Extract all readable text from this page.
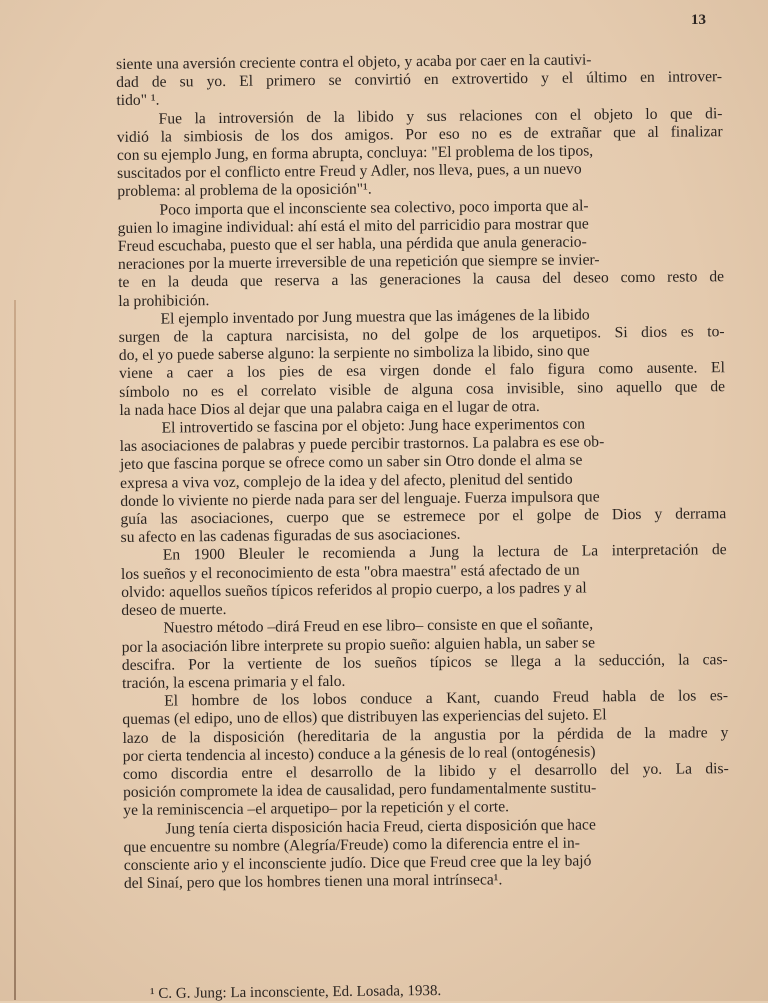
13

siente una aversión creciente contra el objeto, y acaba por caer en la cautivi-

dad de su yo. El primero se convirtió en extrovertido y el último en introver-

tido" ¹.

Fue la introversión de la libido y sus relaciones con el objeto lo que di-

vidió la simbiosis de los dos amigos. Por eso no es de extrañar que al finalizar

con su ejemplo Jung, en forma abrupta, concluya: "El problema de los tipos,

suscitados por el conflicto entre Freud y Adler, nos lleva, pues, a un nuevo

problema: al problema de la oposición"¹.

Poco importa que el inconsciente sea colectivo, poco importa que al-

guien lo imagine individual: ahí está el mito del parricidio para mostrar que

Freud escuchaba, puesto que el ser habla, una pérdida que anula generacio-

neraciones por la muerte irreversible de una repetición que siempre se invier-

te en la deuda que reserva a las generaciones la causa del deseo como resto de

la prohibición.

El ejemplo inventado por Jung muestra que las imágenes de la libido

surgen de la captura narcisista, no del golpe de los arquetipos. Si dios es to-

do, el yo puede saberse alguno: la serpiente no simboliza la libido, sino que

viene a caer a los pies de esa virgen donde el falo figura como ausente. El

símbolo no es el correlato visible de alguna cosa invisible, sino aquello que de

la nada hace Dios al dejar que una palabra caiga en el lugar de otra.

El introvertido se fascina por el objeto: Jung hace experimentos con

las asociaciones de palabras y puede percibir trastornos. La palabra es ese ob-

jeto que fascina porque se ofrece como un saber sin Otro donde el alma se

expresa a viva voz, complejo de la idea y del afecto, plenitud del sentido

donde lo viviente no pierde nada para ser del lenguaje. Fuerza impulsora que

guía las asociaciones, cuerpo que se estremece por el golpe de Dios y derrama

su afecto en las cadenas figuradas de sus asociaciones.

En 1900 Bleuler le recomienda a Jung la lectura de La interpretación de

los sueños y el reconocimiento de esta "obra maestra" está afectado de un

olvido: aquellos sueños típicos referidos al propio cuerpo, a los padres y al

deseo de muerte.

Nuestro método –dirá Freud en ese libro– consiste en que el soñante,

por la asociación libre interprete su propio sueño: alguien habla, un saber se

descifra. Por la vertiente de los sueños típicos se llega a la seducción, la cas-

tración, la escena primaria y el falo.

El hombre de los lobos conduce a Kant, cuando Freud habla de los es-

quemas (el edipo, uno de ellos) que distribuyen las experiencias del sujeto. El

lazo de la disposición (hereditaria de la angustia por la pérdida de la madre y

por cierta tendencia al incesto) conduce a la génesis de lo real (ontogénesis)

como discordia entre el desarrollo de la libido y el desarrollo del yo. La dis-

posición compromete la idea de causalidad, pero fundamentalmente sustitu-

ye la reminiscencia –el arquetipo– por la repetición y el corte.

Jung tenía cierta disposición hacia Freud, cierta disposición que hace

que encuentre su nombre (Alegría/Freude) como la diferencia entre el in-

consciente ario y el inconsciente judío. Dice que Freud cree que la ley bajó

del Sinaí, pero que los hombres tienen una moral intrínseca¹.

¹ C. G. Jung: La inconsciente, Ed. Losada, 1938.
